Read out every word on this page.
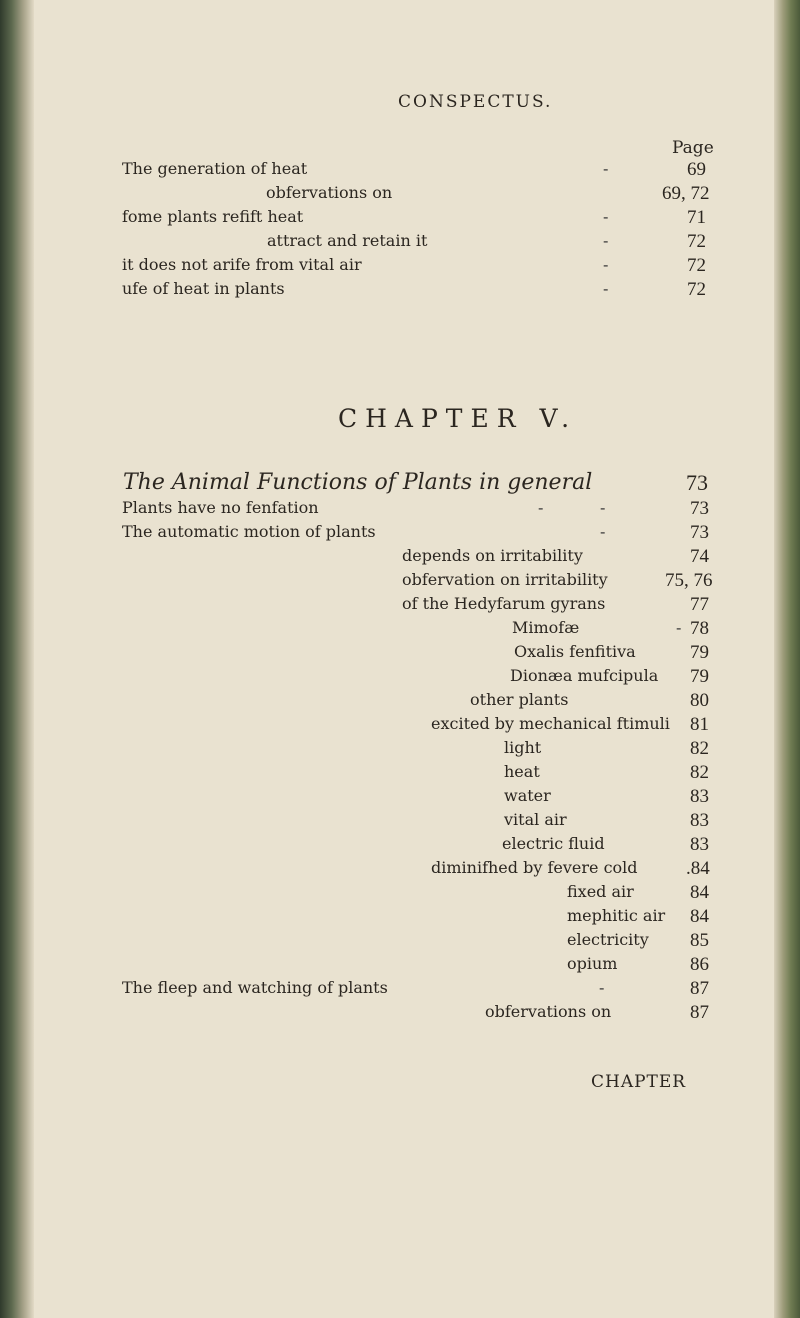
CONSPECTUS.
Page
The generation of heat	-	69
obfervations on	69, 72
fome plants refift heat	-	71
attract and retain it	-	72
it does not arife from vital air	-	72
ufe of heat in plants	-	72
CHAPTER V.
The Animal Functions of Plants in general	73
Plants have no fenfation	-	-	73
The automatic motion of plants	-	73
depends on irritability	74
obfervation on irritability	75, 76
of the Hedyfarum gyrans	77
Mimofæ	- 78
Oxalis fenfitiva	79
Dionæa mufcipula 79
other plants	80
excited by mechanical ftimuli 81
light	82
heat	82
water	83
vital air	83
electric fluid	83
diminifhed by fevere cold	.84
fixed air	84
mephitic air 84
electricity 85
opium	86
The fleep and watching of plants	-	87
obfervations on	87
CHAPTER
